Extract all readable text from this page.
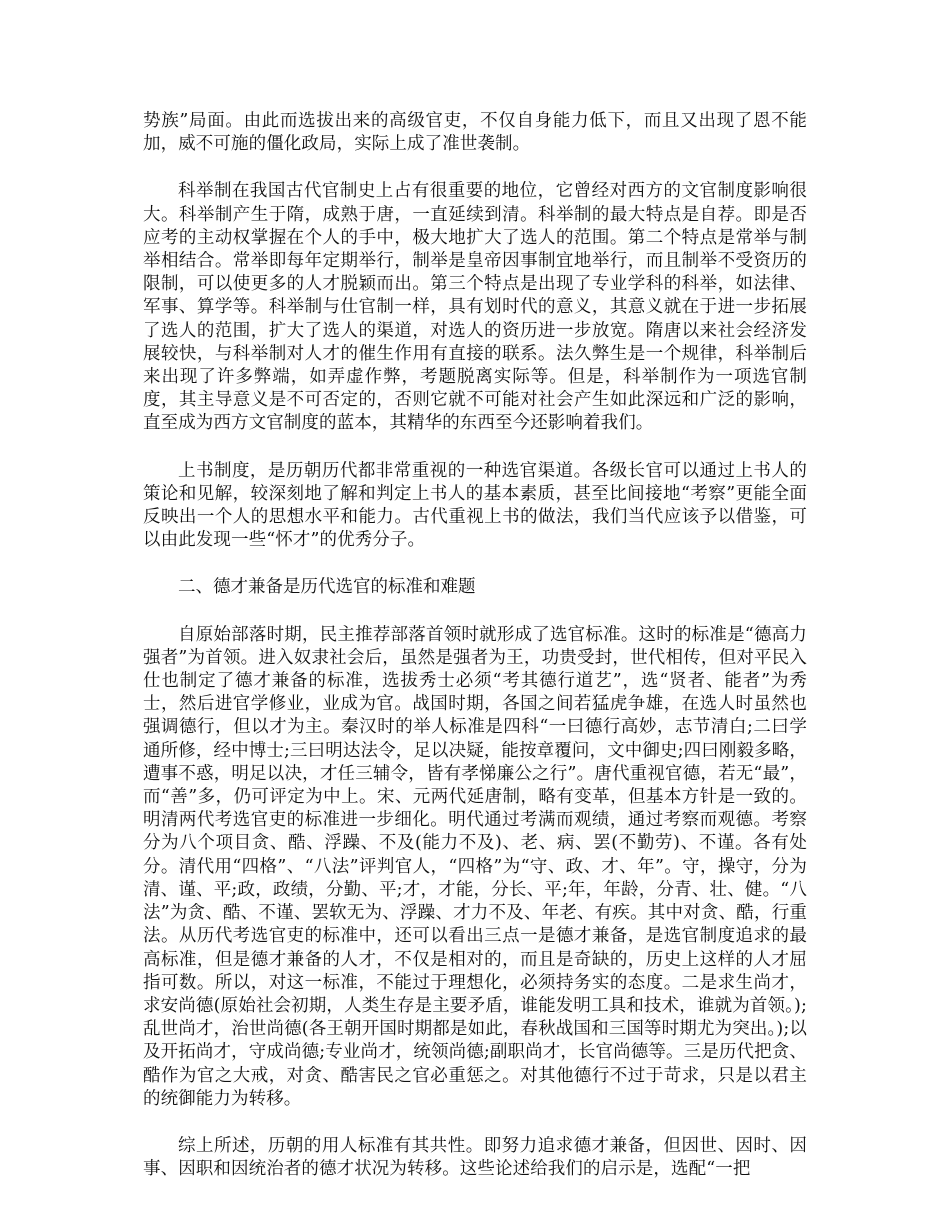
势族”局面。由此而选拔出来的高级官吏，不仅自身能力低下，而且又出现了恩不能加，威不可施的僵化政局，实际上成了准世袭制。

科举制在我国古代官制史上占有很重要的地位，它曾经对西方的文官制度影响很大。科举制产生于隋，成熟于唐，一直延续到清。科举制的最大特点是自荐。即是否应考的主动权掌握在个人的手中，极大地扩大了选人的范围。第二个特点是常举与制举相结合。常举即每年定期举行，制举是皇帝因事制宜地举行，而且制举不受资历的限制，可以使更多的人才脱颖而出。第三个特点是出现了专业学科的科举，如法律、军事、算学等。科举制与仕官制一样，具有划时代的意义，其意义就在于进一步拓展了选人的范围，扩大了选人的渠道，对选人的资历进一步放宽。隋唐以来社会经济发展较快，与科举制对人才的催生作用有直接的联系。法久弊生是一个规律，科举制后来出现了许多弊端，如弄虚作弊，考题脱离实际等。但是，科举制作为一项选官制度，其主导意义是不可否定的，否则它就不可能对社会产生如此深远和广泛的影响，直至成为西方文官制度的蓝本，其精华的东西至今还影响着我们。

上书制度，是历朝历代都非常重视的一种选官渠道。各级长官可以通过上书人的策论和见解，较深刻地了解和判定上书人的基本素质，甚至比间接地“考察”更能全面反映出一个人的思想水平和能力。古代重视上书的做法，我们当代应该予以借鉴，可以由此发现一些“怀才”的优秀分子。

二、德才兼备是历代选官的标准和难题

自原始部落时期，民主推荐部落首领时就形成了选官标准。这时的标准是“德高力强者”为首领。进入奴隶社会后，虽然是强者为王，功贵受封，世代相传，但对平民入仕也制定了德才兼备的标准，选拔秀士必须“考其德行道艺”，选“贤者、能者”为秀士，然后进官学修业，业成为官。战国时期，各国之间若猛虎争雄，在选人时虽然也强调德行，但以才为主。秦汉时的举人标准是四科“一曰德行高妙，志节清白;二曰学通所修，经中博士;三曰明达法令，足以决疑，能按章覆问，文中御史;四曰刚毅多略，遭事不惑，明足以决，才任三辅令，皆有孝悌廉公之行”。唐代重视官德，若无“最”，而“善”多，仍可评定为中上。宋、元两代延唐制，略有变革，但基本方针是一致的。明清两代考选官吏的标准进一步细化。明代通过考满而观绩，通过考察而观德。考察分为八个项目贪、酷、浮躁、不及(能力不及)、老、病、罢(不勤劳)、不谨。各有处分。清代用“四格”、“八法”评判官人，“四格”为“守、政、才、年”。守，操守，分为清、谨、平;政，政绩，分勤、平;才，才能，分长、平;年，年龄，分青、壮、健。“八法”为贪、酷、不谨、罢软无为、浮躁、才力不及、年老、有疾。其中对贪、酷，行重法。从历代考选官吏的标准中，还可以看出三点一是德才兼备，是选官制度追求的最高标准，但是德才兼备的人才，不仅是相对的，而且是奇缺的，历史上这样的人才屈指可数。所以，对这一标准，不能过于理想化，必须持务实的态度。二是求生尚才，求安尚德(原始社会初期，人类生存是主要矛盾，谁能发明工具和技术，谁就为首领。);乱世尚才，治世尚德(各王朝开国时期都是如此，春秋战国和三国等时期尤为突出。);以及开拓尚才，守成尚德;专业尚才，统领尚德;副职尚才，长官尚德等。三是历代把贪、酷作为官之大戒，对贪、酷害民之官必重惩之。对其他德行不过于苛求，只是以君主的统御能力为转移。

综上所述，历朝的用人标准有其共性。即努力追求德才兼备，但因世、因时、因事、因职和因统治者的德才状况为转移。这些论述给我们的启示是，选配“一把
